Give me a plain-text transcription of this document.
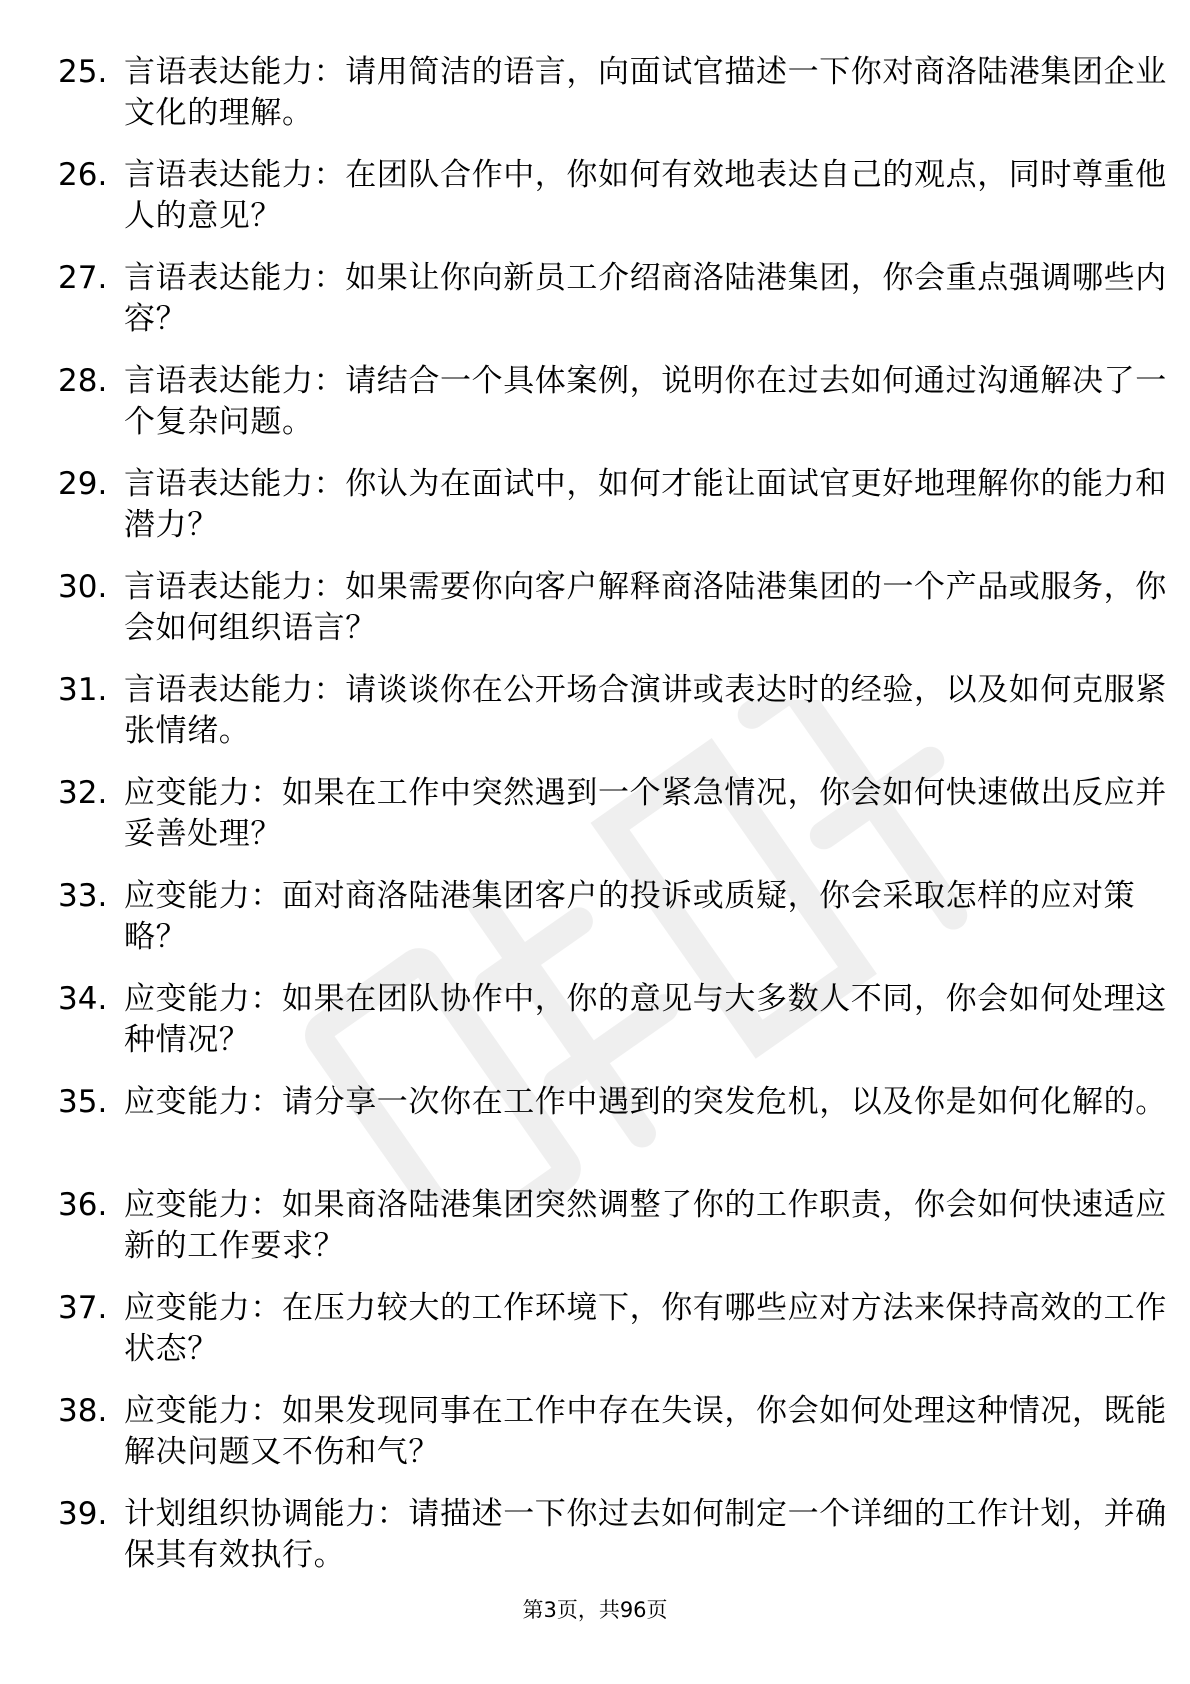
25. 言语表达能力：请用简洁的语言，向面试官描述一下你对商洛陆港集团企业文化的理解。
26. 言语表达能力：在团队合作中，你如何有效地表达自己的观点，同时尊重他人的意见？
27. 言语表达能力：如果让你向新员工介绍商洛陆港集团，你会重点强调哪些内容？
28. 言语表达能力：请结合一个具体案例，说明你在过去如何通过沟通解决了一个复杂问题。
29. 言语表达能力：你认为在面试中，如何才能让面试官更好地理解你的能力和潜力？
30. 言语表达能力：如果需要你向客户解释商洛陆港集团的一个产品或服务，你会如何组织语言？
31. 言语表达能力：请谈谈你在公开场合演讲或表达时的经验，以及如何克服紧张情绪。
32. 应变能力：如果在工作中突然遇到一个紧急情况，你会如何快速做出反应并妥善处理？
33. 应变能力：面对商洛陆港集团客户的投诉或质疑，你会采取怎样的应对策略？
34. 应变能力：如果在团队协作中，你的意见与大多数人不同，你会如何处理这种情况？
35. 应变能力：请分享一次你在工作中遇到的突发危机，以及你是如何化解的。
36. 应变能力：如果商洛陆港集团突然调整了你的工作职责，你会如何快速适应新的工作要求？
37. 应变能力：在压力较大的工作环境下，你有哪些应对方法来保持高效的工作状态？
38. 应变能力：如果发现同事在工作中存在失误，你会如何处理这种情况，既能解决问题又不伤和气？
39. 计划组织协调能力：请描述一下你过去如何制定一个详细的工作计划，并确保其有效执行。
第3页，共96页
